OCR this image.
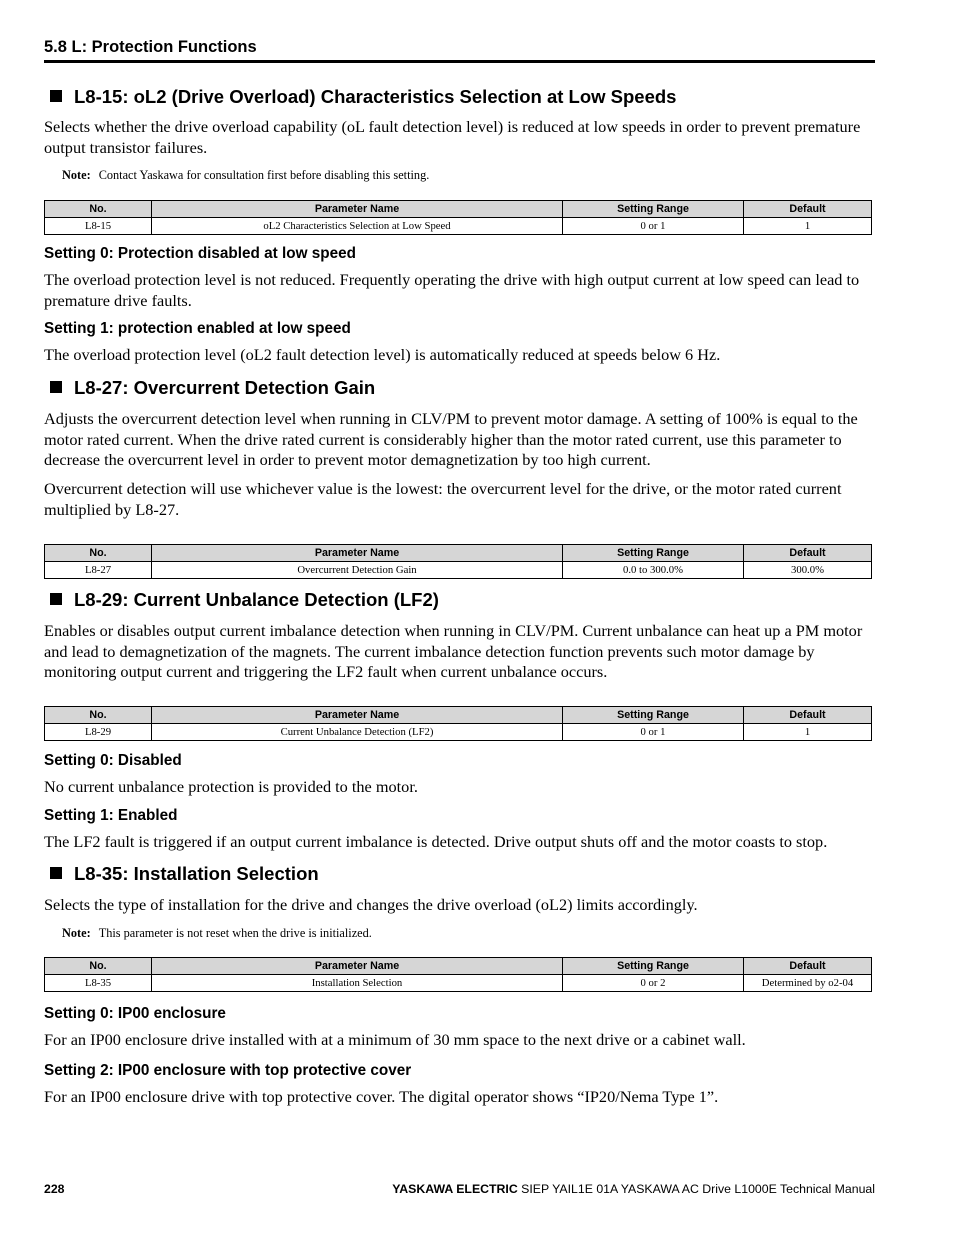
5.8 L: Protection Functions
L8-15: oL2 (Drive Overload) Characteristics Selection at Low Speeds
Selects whether the drive overload capability (oL fault detection level) is reduced at low speeds in order to prevent premature output transistor failures.
Note: Contact Yaskawa for consultation first before disabling this setting.
No.	Parameter Name	Setting Range	Default
L8-15	oL2 Characteristics Selection at Low Speed	0 or 1	1
Setting 0: Protection disabled at low speed
The overload protection level is not reduced. Frequently operating the drive with high output current at low speed can lead to premature drive faults.
Setting 1: protection enabled at low speed
The overload protection level (oL2 fault detection level) is automatically reduced at speeds below 6 Hz.
L8-27: Overcurrent Detection Gain
Adjusts the overcurrent detection level when running in CLV/PM to prevent motor damage. A setting of 100% is equal to the motor rated current. When the drive rated current is considerably higher than the motor rated current, use this parameter to decrease the overcurrent level in order to prevent motor demagnetization by too high current.
Overcurrent detection will use whichever value is the lowest: the overcurrent level for the drive, or the motor rated current multiplied by L8-27.
No.	Parameter Name	Setting Range	Default
L8-27	Overcurrent Detection Gain	0.0 to 300.0%	300.0%
L8-29: Current Unbalance Detection (LF2)
Enables or disables output current imbalance detection when running in CLV/PM. Current unbalance can heat up a PM motor and lead to demagnetization of the magnets. The current imbalance detection function prevents such motor damage by monitoring output current and triggering the LF2 fault when current unbalance occurs.
No.	Parameter Name	Setting Range	Default
L8-29	Current Unbalance Detection (LF2)	0 or 1	1
Setting 0: Disabled
No current unbalance protection is provided to the motor.
Setting 1: Enabled
The LF2 fault is triggered if an output current imbalance is detected. Drive output shuts off and the motor coasts to stop.
L8-35: Installation Selection
Selects the type of installation for the drive and changes the drive overload (oL2) limits accordingly.
Note: This parameter is not reset when the drive is initialized.
No.	Parameter Name	Setting Range	Default
L8-35	Installation Selection	0 or 2	Determined by o2-04
Setting 0: IP00 enclosure
For an IP00 enclosure drive installed with at a minimum of 30 mm space to the next drive or a cabinet wall.
Setting 2: IP00 enclosure with top protective cover
For an IP00 enclosure drive with top protective cover. The digital operator shows “IP20/Nema Type 1”.
228	YASKAWA ELECTRIC SIEP YAIL1E 01A YASKAWA AC Drive L1000E Technical Manual
